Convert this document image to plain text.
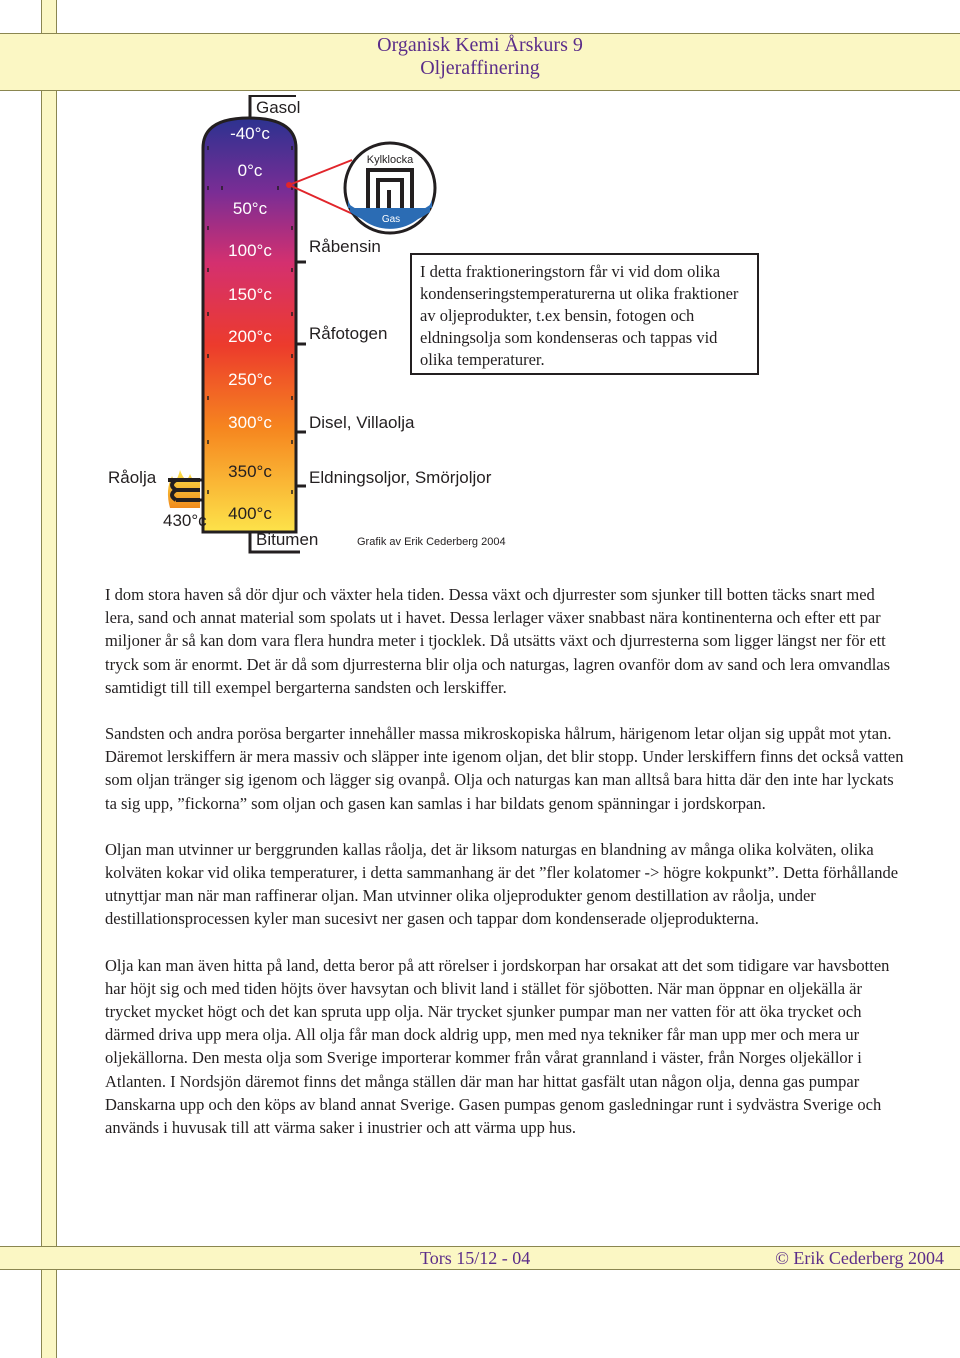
Organisk Kemi Årskurs 9
Oljeraffinering
-40°c
0°c
50°c
100°c
150°c
200°c
250°c
300°c
350°c
400°c
Kylklocka
Gas
Gasol
Råbensin
Råfotogen
Disel, Villaolja
Eldningsoljor, Smörjoljor
Bitumen
Råolja
430°c
Grafik av Erik Cederberg 2004
I detta fraktioneringstorn får vi vid dom olika kondenseringstemperaturerna ut olika fraktioner av oljeprodukter, t.ex bensin, fotogen och eldningsolja som kondenseras och tappas vid olika temperaturer.

I dom stora haven så dör djur och växter hela tiden. Dessa växt och djurrester som sjunker till botten täcks snart med lera, sand och annat material som spolats ut i havet. Dessa lerlager växer snabbast nära kontinenterna och efter ett par miljoner år så kan dom vara flera hundra meter i tjocklek. Då utsätts växt och djurresterna som ligger längst ner för ett tryck som är enormt. Det är då som djurresterna blir olja och naturgas, lagren ovanför dom av sand och lera omvandlas samtidigt till till exempel bergarterna sandsten och lerskiffer.

Sandsten och andra porösa bergarter innehåller massa mikroskopiska hålrum, härigenom letar oljan sig uppåt mot ytan. Däremot lerskiffern är mera massiv och släpper inte igenom oljan, det blir stopp. Under lerskiffern finns det också vatten som oljan tränger sig igenom och lägger sig ovanpå. Olja och naturgas kan man alltså bara hitta där den inte har lyckats ta sig upp, ”fickorna” som oljan och gasen kan samlas i har bildats genom spänningar i jordskorpan.

Oljan man utvinner ur berggrunden kallas råolja, det är liksom naturgas en blandning av många olika kolväten, olika kolväten kokar vid olika temperaturer, i detta sammanhang är det ”fler kolatomer -> högre kokpunkt”. Detta förhållande utnyttjar man när man raffinerar oljan. Man utvinner olika oljeprodukter genom destillation av råolja, under destillationsprocessen kyler man sucesivt ner gasen och tappar dom kondenserade oljeprodukterna.

Olja kan man även hitta på land, detta beror på att rörelser i jordskorpan har orsakat att det som tidigare var havsbotten har höjt sig och med tiden höjts över havsytan och blivit land i stället för sjöbotten. När man öppnar en oljekälla är trycket mycket högt och det kan spruta upp olja. När trycket sjunker pumpar man ner vatten för att öka trycket och därmed driva upp mera olja. All olja får man dock aldrig upp, men med nya tekniker får man upp mer och mera ur oljekällorna. Den mesta olja som Sverige importerar kommer från vårat grannland i väster, från Norges oljekällor i Atlanten. I Nordsjön däremot finns det många ställen där man har hittat gasfält utan någon olja, denna gas pumpar Danskarna upp och den köps av bland annat Sverige. Gasen pumpas genom gasledningar runt i sydvästra Sverige och används i huvusak till att värma saker i inustrier och att värma upp hus.

Tors 15/12 - 04	© Erik Cederberg 2004
